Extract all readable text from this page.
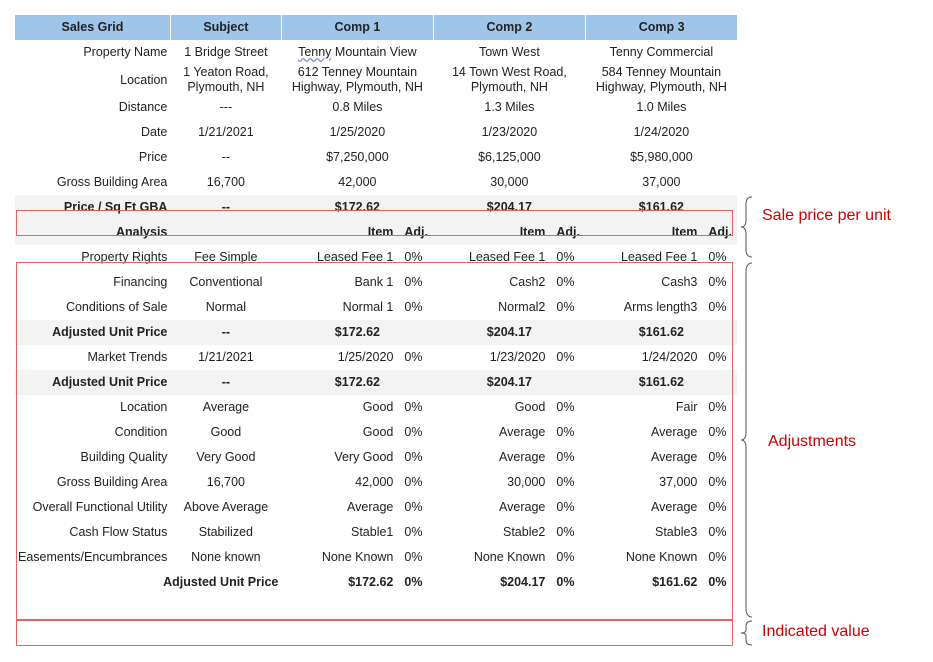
Sales Grid	Subject	Comp 1		Comp 2		Comp 3	
Property Name	1 Bridge Street	Tenny Mountain View		Town West		Tenny Commercial	
Location	1 Yeaton Road, Plymouth, NH	612 Tenney Mountain Highway, Plymouth, NH		14 Town West Road, Plymouth, NH		584 Tenney Mountain Highway, Plymouth, NH	
Distance	---	0.8 Miles		1.3 Miles		1.0 Miles	
Date	1/21/2021	1/25/2020		1/23/2020		1/24/2020	
Price	--	$7,250,000		$6,125,000		$5,980,000	
Gross Building Area	16,700	42,000		30,000		37,000	
Price / Sq Ft GBA	--	$172.62		$204.17		$161.62	
Analysis		Item	Adj.	Item	Adj.	Item	Adj.
Property Rights	Fee Simple	Leased Fee 1	0%	Leased Fee 1	0%	Leased Fee 1	0%
Financing	Conventional	Bank 1	0%	Cash2	0%	Cash3	0%
Conditions of Sale	Normal	Normal 1	0%	Normal2	0%	Arms length3	0%
Adjusted Unit Price	--	$172.62		$204.17		$161.62	
Market Trends	1/21/2021	1/25/2020	0%	1/23/2020	0%	1/24/2020	0%
Adjusted Unit Price	--	$172.62		$204.17		$161.62	
Location	Average	Good	0%	Good	0%	Fair	0%
Condition	Good	Good	0%	Average	0%	Average	0%
Building Quality	Very Good	Very Good	0%	Average	0%	Average	0%
Gross Building Area	16,700	42,000	0%	30,000	0%	37,000	0%
Overall Functional Utility	Above Average	Average	0%	Average	0%	Average	0%
Cash Flow Status	Stabilized	Stable1	0%	Stable2	0%	Stable3	0%
Easements/Encumbrances	None known	None Known	0%	None Known	0%	None Known	0%
Adjusted Unit Price		$172.62	0%	$204.17	0%	$161.62	0%
Sale price per unit
Adjustments
Indicated value
